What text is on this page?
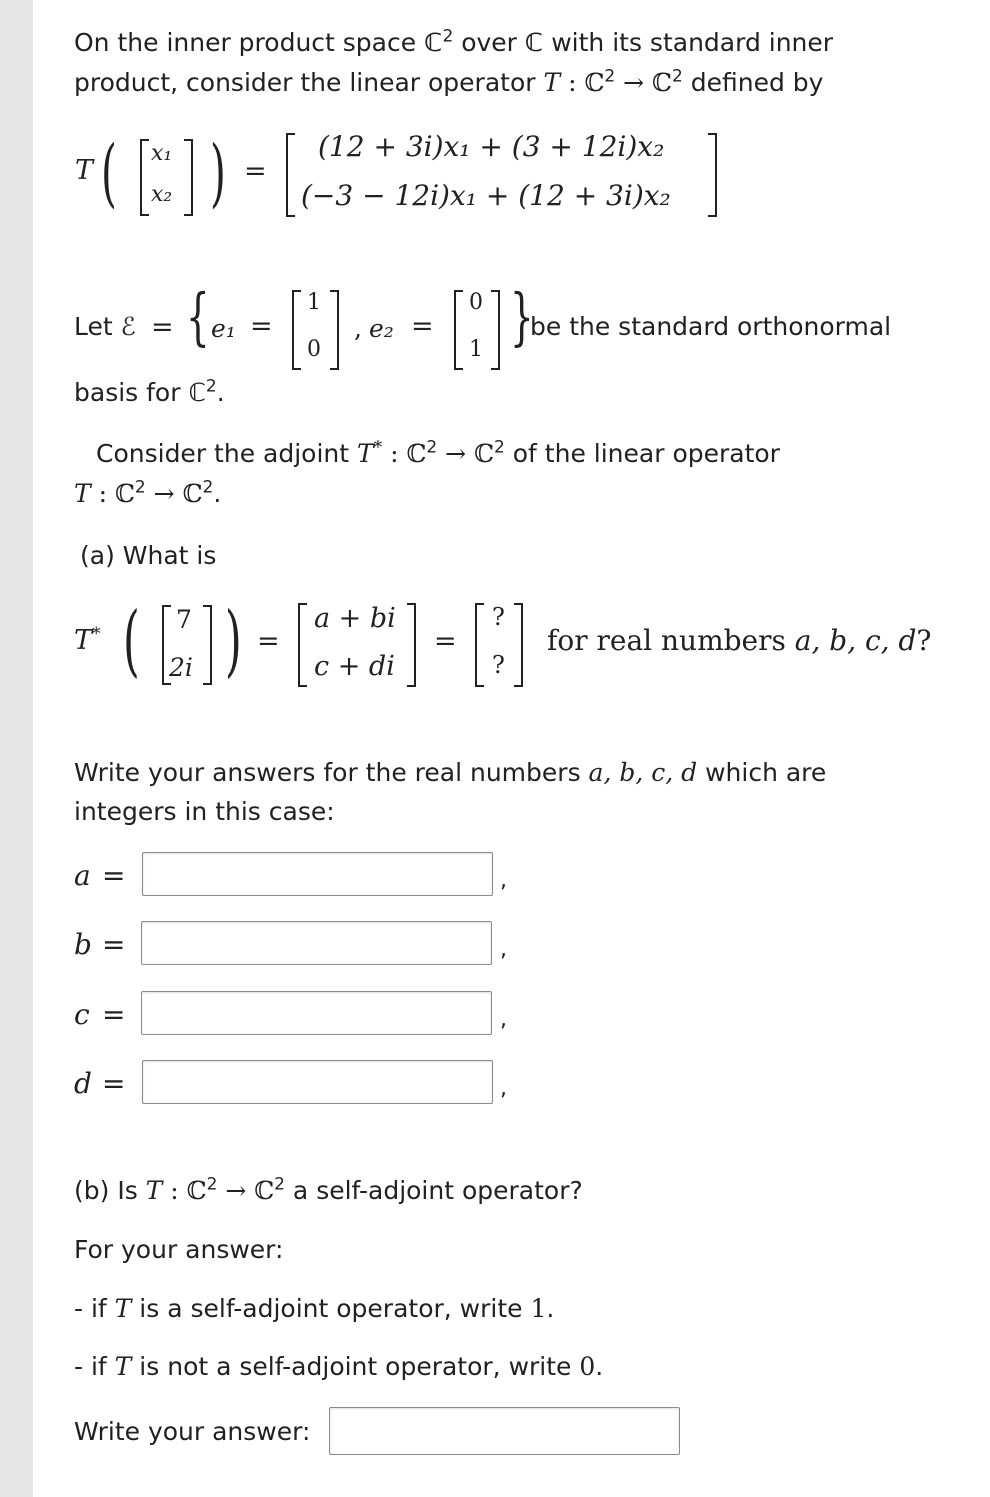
On the inner product space ℂ$^2$ over ℂ with its standard inner
product, consider the linear operator T : ℂ$^2$ → ℂ$^2$ defined by
T ( x₁
x₂ ) =
(12 + 3i)x₁ + (3 + 12i)x₂
(−3 − 12i)x₁ + (12 + 3i)x₂
Let ℰ = { e₁ =
1
0
, e₂ =
0
1 }
be the standard orthonormal
basis for ℂ$^2$.
Consider the adjoint T* : ℂ$^2$ → ℂ$^2$ of the linear operator
T : ℂ$^2$ → ℂ$^2$.
(a) What is
T* ( 7
2i ) =
a + bi
c + di
=
?
?
for real numbers a, b, c, d?
Write your answers for the real numbers a, b, c, d which are
integers in this case:
a =	,
b =	,
c =	,
d =	,
(b) Is T : ℂ$^2$ → ℂ$^2$ a self-adjoint operator?
For your answer:
- if T is a self-adjoint operator, write 1.
- if T is not a self-adjoint operator, write 0.
Write your answer:
